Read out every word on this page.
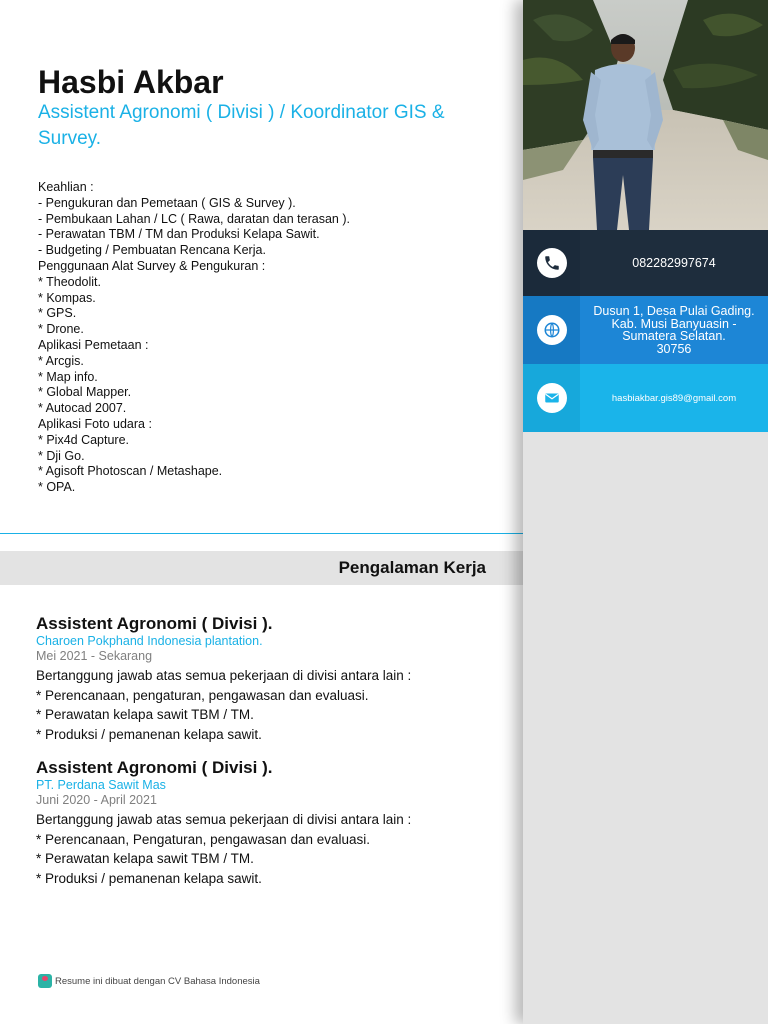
Hasbi Akbar
Assistent Agronomi ( Divisi ) / Koordinator GIS & Survey.
Keahlian :
- Pengukuran dan Pemetaan ( GIS & Survey ).
- Pembukaan Lahan / LC ( Rawa, daratan dan terasan ).
- Perawatan TBM / TM dan Produksi Kelapa Sawit.
- Budgeting / Pembuatan Rencana Kerja.
Penggunaan Alat Survey & Pengukuran :
* Theodolit.
* Kompas.
* GPS.
* Drone.
Aplikasi Pemetaan :
* Arcgis.
* Map info.
* Global Mapper.
* Autocad 2007.
Aplikasi Foto udara :
* Pix4d Capture.
* Dji Go.
* Agisoft Photoscan / Metashape.
* OPA.
Pengalaman Kerja
Assistent Agronomi ( Divisi ).
Charoen Pokphand Indonesia plantation.
Mei 2021 - Sekarang
Bertanggung jawab atas semua pekerjaan di divisi antara lain :
* Perencanaan, pengaturan, pengawasan dan evaluasi.
* Perawatan kelapa sawit TBM / TM.
* Produksi / pemanenan kelapa sawit.
Assistent Agronomi ( Divisi ).
PT. Perdana Sawit Mas
Juni 2020 - April 2021
Bertanggung jawab atas semua pekerjaan di divisi antara lain :
* Perencanaan, Pengaturan, pengawasan dan evaluasi.
* Perawatan kelapa sawit TBM / TM.
* Produksi / pemanenan kelapa sawit.
Resume ini dibuat dengan CV Bahasa Indonesia
082282997674
Dusun 1, Desa Pulai Gading.
Kab. Musi Banyuasin -
Sumatera Selatan.
30756
hasbiakbar.gis89@gmail.com
